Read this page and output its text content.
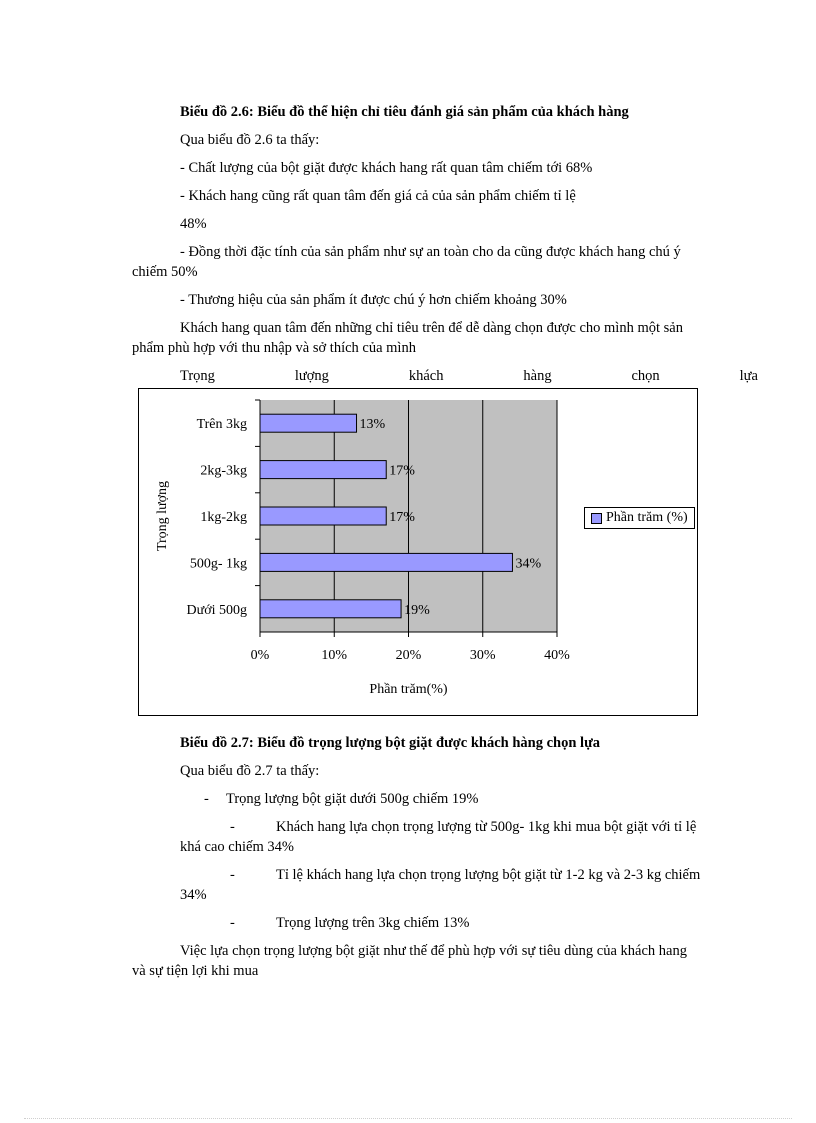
Biểu đồ 2.6: Biểu đồ thể hiện chỉ tiêu đánh giá sản phẩm của khách hàng
Qua biểu đồ 2.6 ta thấy:
- Chất lượng của bột giặt được khách hang rất quan tâm chiếm tới 68%
- Khách hang cũng rất quan tâm đến giá cả của sản phẩm chiếm tỉ lệ
48%
- Đồng thời đặc tính của sản phẩm như sự an toàn cho da cũng được khách hang chú ý
chiếm 50%
- Thương hiệu của sản phẩm ít được chú ý hơn chiếm khoảng 30%
Khách hang quan tâm đến những chỉ tiêu trên để dễ dàng chọn được cho mình một sản
phẩm phù hợp với thu nhập và sở thích của mình
Trọng	lượng	khách	hàng	chọn	lựa
0%	10%	20%	30%	40%
Trên 3kg	13%
2kg-3kg	17%
1kg-2kg	17%
500g- 1kg	34%
Dưới 500g	19%
Phần trăm(%)
Trọng lượng	Phần trăm (%)
Biểu đồ 2.7: Biểu đồ trọng lượng bột giặt được khách hàng chọn lựa
Qua biểu đồ 2.7 ta thấy:
- Trọng lượng bột giặt dưới 500g chiếm 19%
-	Khách hang lựa chọn trọng lượng từ 500g- 1kg khi mua bột giặt với tỉ lệ
khá cao chiếm 34%
-	Tỉ lệ khách hang lựa chọn trọng lượng bột giặt từ 1-2 kg và 2-3 kg chiếm
34%
-	Trọng lượng trên 3kg chiếm 13%
Việc lựa chọn trọng lượng bột giặt như thế để phù hợp với sự tiêu dùng của khách hang
và sự tiện lợi khi mua
